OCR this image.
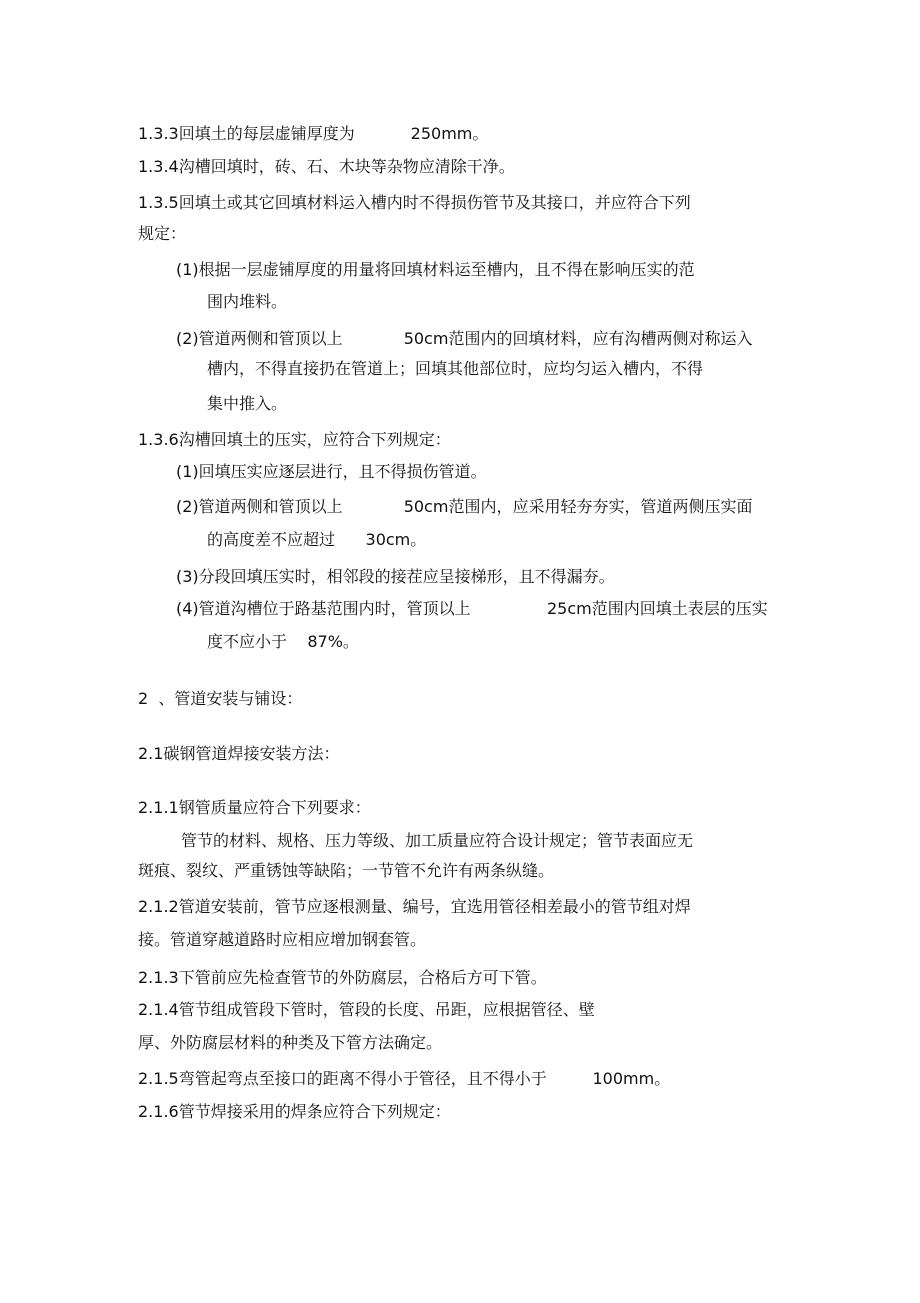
1.3.3回填土的每层虚铺厚度为           250mm。
1.3.4沟槽回填时，砖、石、木块等杂物应清除干净。
1.3.5回填土或其它回填材料运入槽内时不得损伤管节及其接口，并应符合下列
规定：
(1)根据一层虚铺厚度的用量将回填材料运至槽内，且不得在影响压实的范
围内堆料。
(2)管道两侧和管顶以上            50cm范围内的回填材料，应有沟槽两侧对称运入
槽内，不得直接扔在管道上；回填其他部位时，应均匀运入槽内，不得
集中推入。
1.3.6沟槽回填土的压实，应符合下列规定：
(1)回填压实应逐层进行，且不得损伤管道。
(2)管道两侧和管顶以上            50cm范围内，应采用轻夯夯实，管道两侧压实面
的高度差不应超过      30cm。
(3)分段回填压实时，相邻段的接茬应呈接梯形，且不得漏夯。
(4)管道沟槽位于路基范围内时，管顶以上               25cm范围内回填土表层的压实
度不应小于    87%。
2  、管道安装与铺设：
2.1碳钢管道焊接安装方法：
2.1.1钢管质量应符合下列要求：
管节的材料、规格、压力等级、加工质量应符合设计规定；管节表面应无
斑痕、裂纹、严重锈蚀等缺陷；一节管不允许有两条纵缝。
2.1.2管道安装前，管节应逐根测量、编号，宜选用管径相差最小的管节组对焊
接。管道穿越道路时应相应增加钢套管。
2.1.3下管前应先检查管节的外防腐层，合格后方可下管。
2.1.4管节组成管段下管时，管段的长度、吊距，应根据管径、壁
厚、外防腐层材料的种类及下管方法确定。
2.1.5弯管起弯点至接口的距离不得小于管径，且不得小于         100mm。
2.1.6管节焊接采用的焊条应符合下列规定：
